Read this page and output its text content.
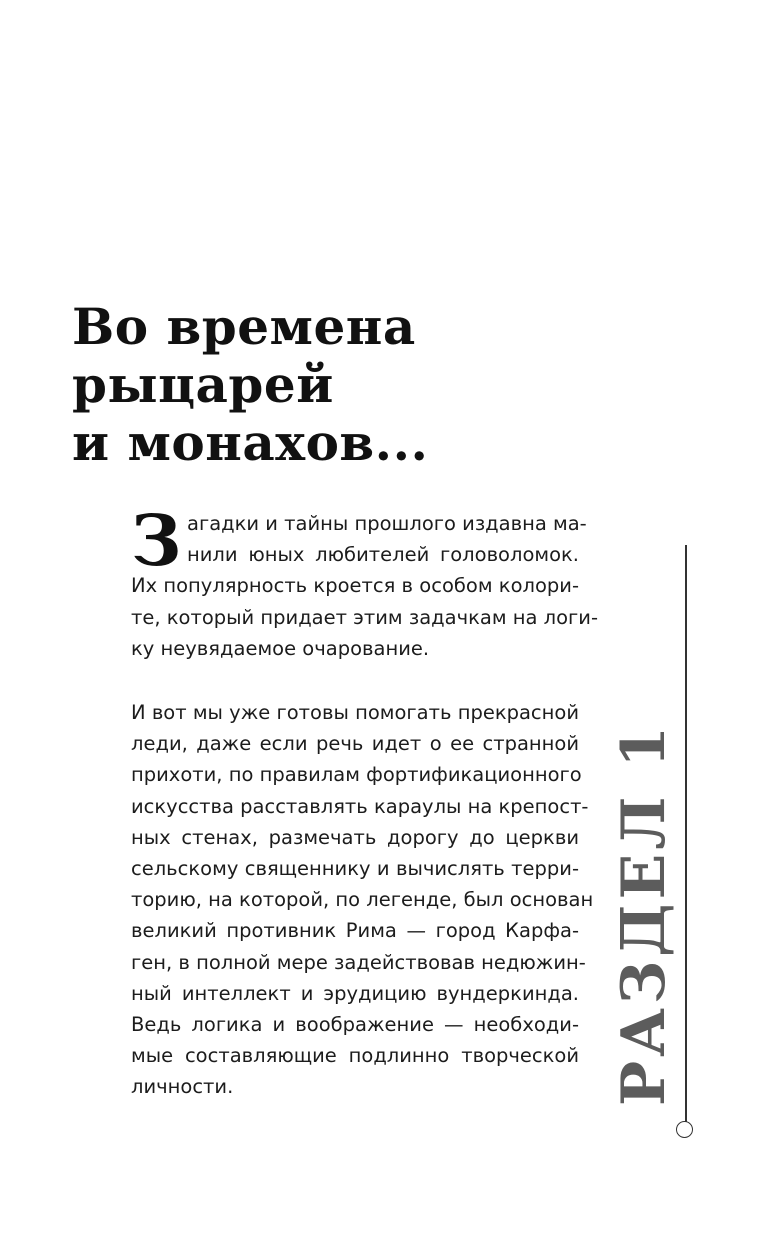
Во времена
рыцарей
и монахов...
З агадки и тайны прошлого издавна ма-
нили юных любителей головоломок.
Их популярность кроется в особом колори-
те, который придает этим задачкам на логи-
ку неувядаемое очарование.
И вот мы уже готовы помогать прекрасной
леди, даже если речь идет о ее странной
прихоти, по правилам фортификационного
искусства расставлять караулы на крепост-
ных стенах, размечать дорогу до церкви
сельскому священнику и вычислять терри-
торию, на которой, по легенде, был основан
великий противник Рима — город Карфа-
ген, в полной мере задействовав недюжин-
ный интеллект и эрудицию вундеркинда.
Ведь логика и воображение — необходи-
мые составляющие подлинно творческой
личности.	РАЗДЕЛ 1
